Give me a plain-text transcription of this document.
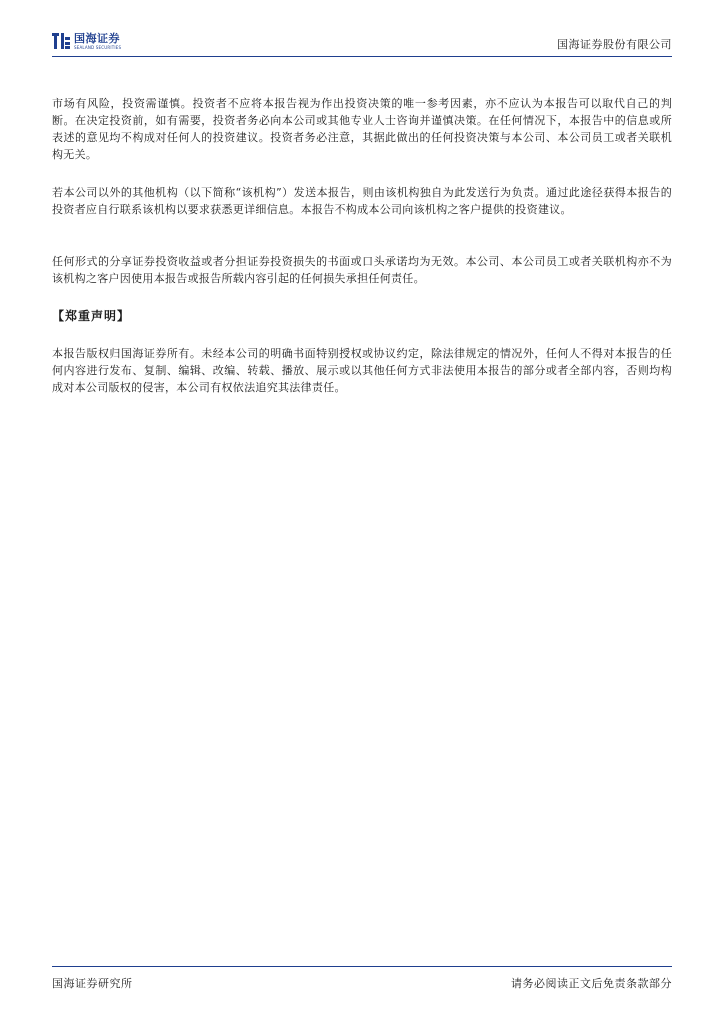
国海证券
SEALAND SECURITIES	国海证券股份有限公司

市场有风险，投资需谨慎。投资者不应将本报告视为作出投资决策的唯一参考因素，亦不应认为本报告可以取代自己的判断。在决定投资前，如有需要，投资者务必向本公司或其他专业人士咨询并谨慎决策。在任何情况下，本报告中的信息或所表述的意见均不构成对任何人的投资建议。投资者务必注意，其据此做出的任何投资决策与本公司、本公司员工或者关联机构无关。

若本公司以外的其他机构（以下简称“该机构”）发送本报告，则由该机构独自为此发送行为负责。通过此途径获得本报告的投资者应自行联系该机构以要求获悉更详细信息。本报告不构成本公司向该机构之客户提供的投资建议。

任何形式的分享证券投资收益或者分担证券投资损失的书面或口头承诺均为无效。本公司、本公司员工或者关联机构亦不为该机构之客户因使用本报告或报告所载内容引起的任何损失承担任何责任。

【郑重声明】

本报告版权归国海证券所有。未经本公司的明确书面特别授权或协议约定，除法律规定的情况外，任何人不得对本报告的任何内容进行发布、复制、编辑、改编、转载、播放、展示或以其他任何方式非法使用本报告的部分或者全部内容，否则均构成对本公司版权的侵害，本公司有权依法追究其法律责任。

国海证券研究所	请务必阅读正文后免责条款部分
